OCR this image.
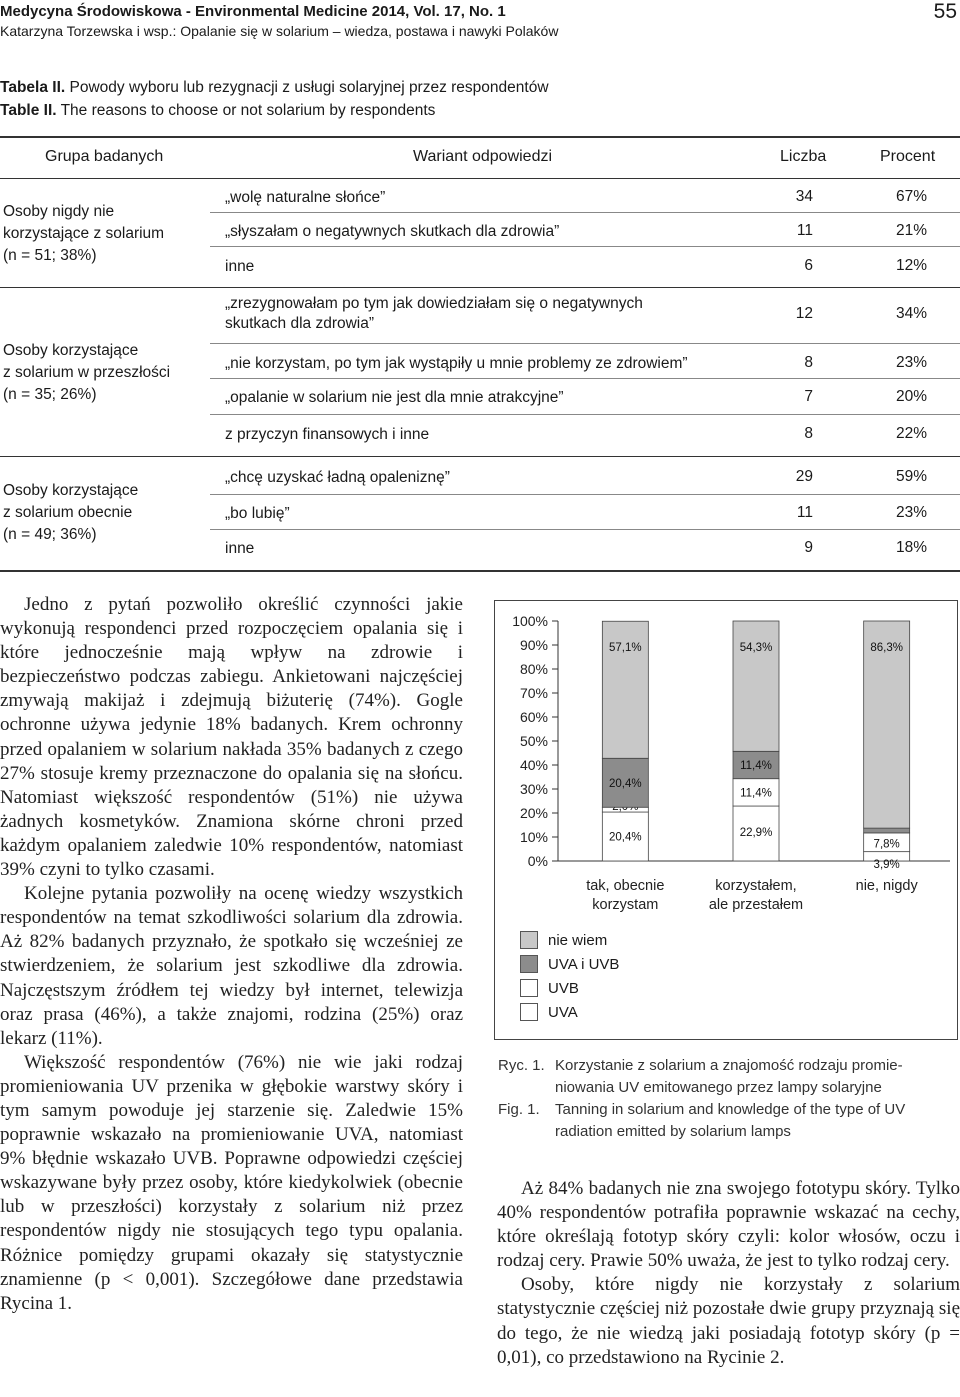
Medycyna Środowiskowa - Environmental Medicine 2014, Vol. 17, No. 1
Katarzyna Torzewska i wsp.: Opalanie się w solarium – wiedza, postawa i nawyki Polaków
55
Tabela II. Powody wyboru lub rezygnacji z usługi solaryjnej przez respondentów
Table II. The reasons to choose or not solarium by respondents
Grupa badanych	Wariant odpowiedzi	Liczba	Procent
Osoby nigdy nie
korzystające z solarium
(n = 51; 38%)
„wolę naturalne słońce”	34	67%
„słyszałam o negatywnych skutkach dla zdrowia”	11	21%
inne	6	12%
Osoby korzystające
z solarium w przeszłości
(n = 35; 26%)
„zrezygnowałam po tym jak dowiedziałam się o negatywnych
skutkach dla zdrowia”
12	34%
„nie korzystam, po tym jak wystąpiły u mnie problemy ze zdrowiem”	8	23%
„opalanie w solarium nie jest dla mnie atrakcyjne”	7	20%
z przyczyn finansowych i inne	8	22%
Osoby korzystające
z solarium obecnie
(n = 49; 36%)
„chcę uzyskać ładną opaleniznę”	29	59%
„bo lubię”	11	23%
inne	9	18%

Jedno z pytań pozwoliło określić czynności jakie wykonują respondenci przed rozpoczęciem opalania się i które jednocześnie mają wpływ na zdrowie i bezpieczeństwo podczas zabiegu. Ankietowani najczęściej zmywają makijaż i zdejmują biżuterię (74%). Gogle ochronne używa jedynie 18% badanych. Krem ochronny przed opalaniem w solarium nakłada 35% badanych z czego 27% stosuje kremy przeznaczone do opalania się na słońcu. Natomiast większość respondentów (51%) nie używa żadnych kosmetyków. Znamiona skórne chroni przed każdym opalaniem zaledwie 10% respondentów, natomiast 39% czyni to tylko czasami.

Kolejne pytania pozwoliły na ocenę wiedzy wszystkich respondentów na temat szkodliwości solarium dla zdrowia. Aż 82% badanych przyznało, że spotkało się wcześniej ze stwierdzeniem, że solarium jest szkodliwe dla zdrowia. Najczęstszym źródłem tej wiedzy był internet, telewizja oraz prasa (46%), a także znajomi, rodzina (25%) oraz lekarz (11%).

Większość respondentów (76%) nie wie jaki rodzaj promieniowania UV przenika w głębokie warstwy skóry i tym samym powoduje jej starzenie się. Zaledwie 15% poprawnie wskazało na promieniowanie UVA, natomiast 9% błędnie wskazało UVB. Poprawne odpowiedzi częściej wskazywane były przez osoby, które kiedykolwiek (obecnie lub w przeszłości) korzystały z solarium niż przez respondentów nigdy nie stosujących tego typu opalania. Różnice pomiędzy grupami okazały się statystycznie znamienne (p < 0,001). Szczegółowe dane przedstawia Rycina 1.

100%
90%
80%
70%
60%
50%
40%
30%
20%
10%
0%
20,4%
20,4%
57,1%
tak, obecnie
korzystam
22,9%
11,4%
11,4%
54,3%
korzystałem,
ale przestałem
3,9%
7,8%
86,3%
nie, nigdy
nie wiem
UVA i UVB
UVB
UVA
Ryc. 1. Korzystanie z solarium a znajomość rodzaju promie-
niowania UV emitowanego przez lampy solaryjne
Fig. 1. Tanning in solarium and knowledge of the type of UV
radiation emitted by solarium lamps

Aż 84% badanych nie zna swojego fototypu skóry. Tylko 40% respondentów potrafiła poprawnie wskazać na cechy, które określają fototyp skóry czyli: kolor włosów, oczu i rodzaj cery. Prawie 50% uważa, że jest to tylko rodzaj cery.

Osoby, które nigdy nie korzystały z solarium statystycznie częściej niż pozostałe dwie grupy przyznają się do tego, że nie wiedzą jaki posiadają fototyp skóry (p = 0,01), co przedstawiono na Rycinie 2.
